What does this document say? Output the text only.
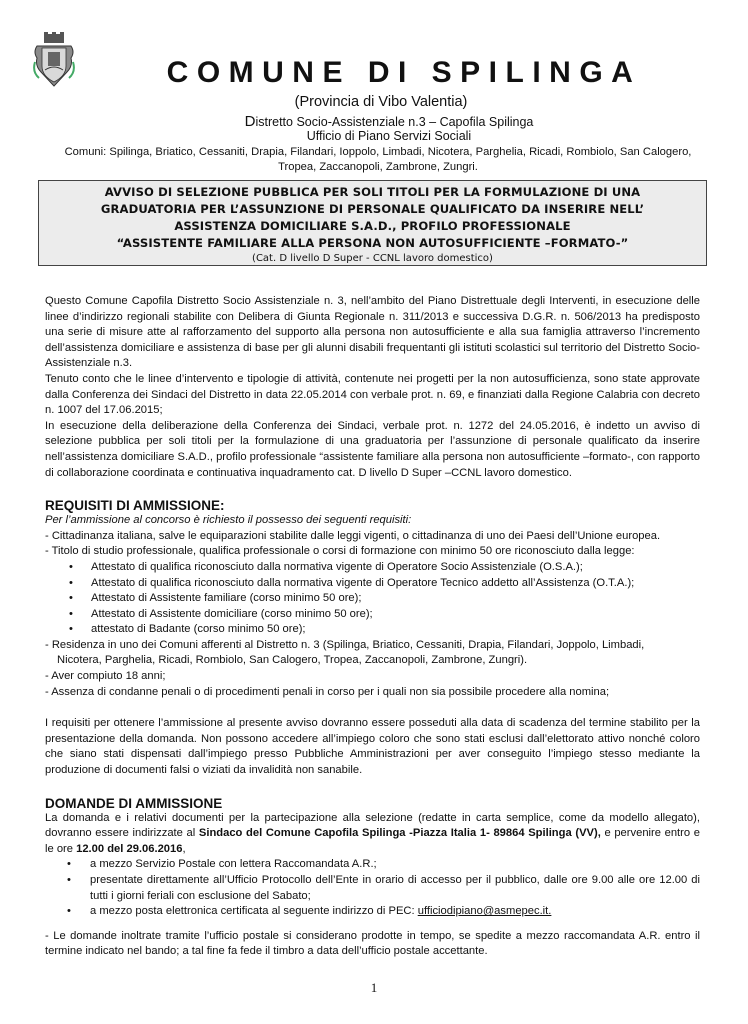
COMUNE DI SPILINGA
(Provincia di Vibo Valentia)
Distretto Socio-Assistenziale n.3 – Capofila Spilinga
Ufficio di Piano Servizi Sociali
Comuni: Spilinga, Briatico, Cessaniti, Drapia, Filandari, Ioppolo, Limbadi, Nicotera, Parghelia, Ricadi, Rombiolo, San Calogero, Tropea, Zaccanopoli, Zambrone, Zungri.
AVVISO DI SELEZIONE PUBBLICA PER SOLI TITOLI PER LA FORMULAZIONE DI UNA
GRADUATORIA PER L’ASSUNZIONE DI PERSONALE QUALIFICATO DA INSERIRE NELL’
ASSISTENZA DOMICILIARE S.A.D., PROFILO PROFESSIONALE
“ASSISTENTE FAMILIARE ALLA PERSONA NON AUTOSUFFICIENTE –FORMATO-”
(Cat. D livello D Super - CCNL lavoro domestico)

Questo Comune Capofila Distretto Socio Assistenziale n. 3, nell’ambito del Piano Distrettuale degli Interventi, in esecuzione delle linee d’indirizzo regionali stabilite con Delibera di Giunta Regionale n. 311/2013 e successiva D.G.R. n. 506/2013 ha predisposto una serie di misure atte al rafforzamento del supporto alla persona non autosufficiente e alla sua famiglia attraverso l’incremento dell’assistenza domiciliare e assistenza di base per gli alunni disabili frequentanti gli istituti scolastici sul territorio del Distretto Socio-Assistenziale n.3.

Tenuto conto che le linee d’intervento e tipologie di attività, contenute nei progetti per la non autosufficienza, sono state approvate dalla Conferenza dei Sindaci del Distretto in data 22.05.2014 con verbale prot. n. 69, e finanziati dalla Regione Calabria con decreto n. 1007 del 17.06.2015;

In esecuzione della deliberazione della Conferenza dei Sindaci, verbale prot. n. 1272 del 24.05.2016, è indetto un avviso di selezione pubblica per soli titoli per la formulazione di una graduatoria per l’assunzione di personale qualificato da inserire nell’assistenza domiciliare S.A.D., profilo professionale “assistente familiare alla persona non autosufficiente –formato-, con rapporto di collaborazione coordinata e continuativa inquadramento cat. D livello D Super –CCNL lavoro domestico.

REQUISITI DI AMMISSIONE:

Per l’ammissione al concorso è richiesto il possesso dei seguenti requisiti:

- Cittadinanza italiana, salve le equiparazioni stabilite dalle leggi vigenti, o cittadinanza di uno dei Paesi dell’Unione europea.

- Titolo di studio professionale, qualifica professionale o corsi di formazione con minimo 50 ore riconosciuto dalla legge:

• Attestato di qualifica riconosciuto dalla normativa vigente di Operatore Socio Assistenziale (O.S.A.);
• Attestato di qualifica riconosciuto dalla normativa vigente di Operatore Tecnico addetto all’Assistenza (O.T.A.);
• Attestato di Assistente familiare (corso minimo 50 ore);
• Attestato di Assistente domiciliare (corso minimo 50 ore);
• attestato di Badante (corso minimo 50 ore);

- Residenza in uno dei Comuni afferenti al Distretto n. 3 (Spilinga, Briatico, Cessaniti, Drapia, Filandari, Joppolo, Limbadi,

Nicotera, Parghelia, Ricadi, Rombiolo, San Calogero, Tropea, Zaccanopoli, Zambrone, Zungri).

- Aver compiuto 18 anni;

- Assenza di condanne penali o di procedimenti penali in corso per i quali non sia possibile procedere alla nomina;

I requisiti per ottenere l’ammissione al presente avviso dovranno essere posseduti alla data di scadenza del termine stabilito per la presentazione della domanda. Non possono accedere all’impiego coloro che sono stati esclusi dall’elettorato attivo nonché coloro che siano stati dispensati dall’impiego presso Pubbliche Amministrazioni per aver conseguito l’impiego stesso mediante la produzione di documenti falsi o viziati da invalidità non sanabile.

DOMANDE DI AMMISSIONE

La domanda e i relativi documenti per la partecipazione alla selezione (redatte in carta semplice, come da modello allegato), dovranno essere indirizzate al Sindaco del Comune Capofila Spilinga -Piazza Italia 1- 89864 Spilinga (VV), e pervenire entro e le ore 12.00 del 29.06.2016,

• a mezzo Servizio Postale con lettera Raccomandata A.R.;
• presentate direttamente all’Ufficio Protocollo dell’Ente in orario di accesso per il pubblico, dalle ore 9.00 alle ore 12.00 di tutti i giorni feriali con esclusione del Sabato;
• a mezzo posta elettronica certificata al seguente indirizzo di PEC: ufficiodipiano@asmepec.it.

- Le domande inoltrate tramite l’ufficio postale si considerano prodotte in tempo, se spedite a mezzo raccomandata A.R. entro il termine indicato nel bando; a tal fine fa fede il timbro a data dell’ufficio postale accettante.

1
